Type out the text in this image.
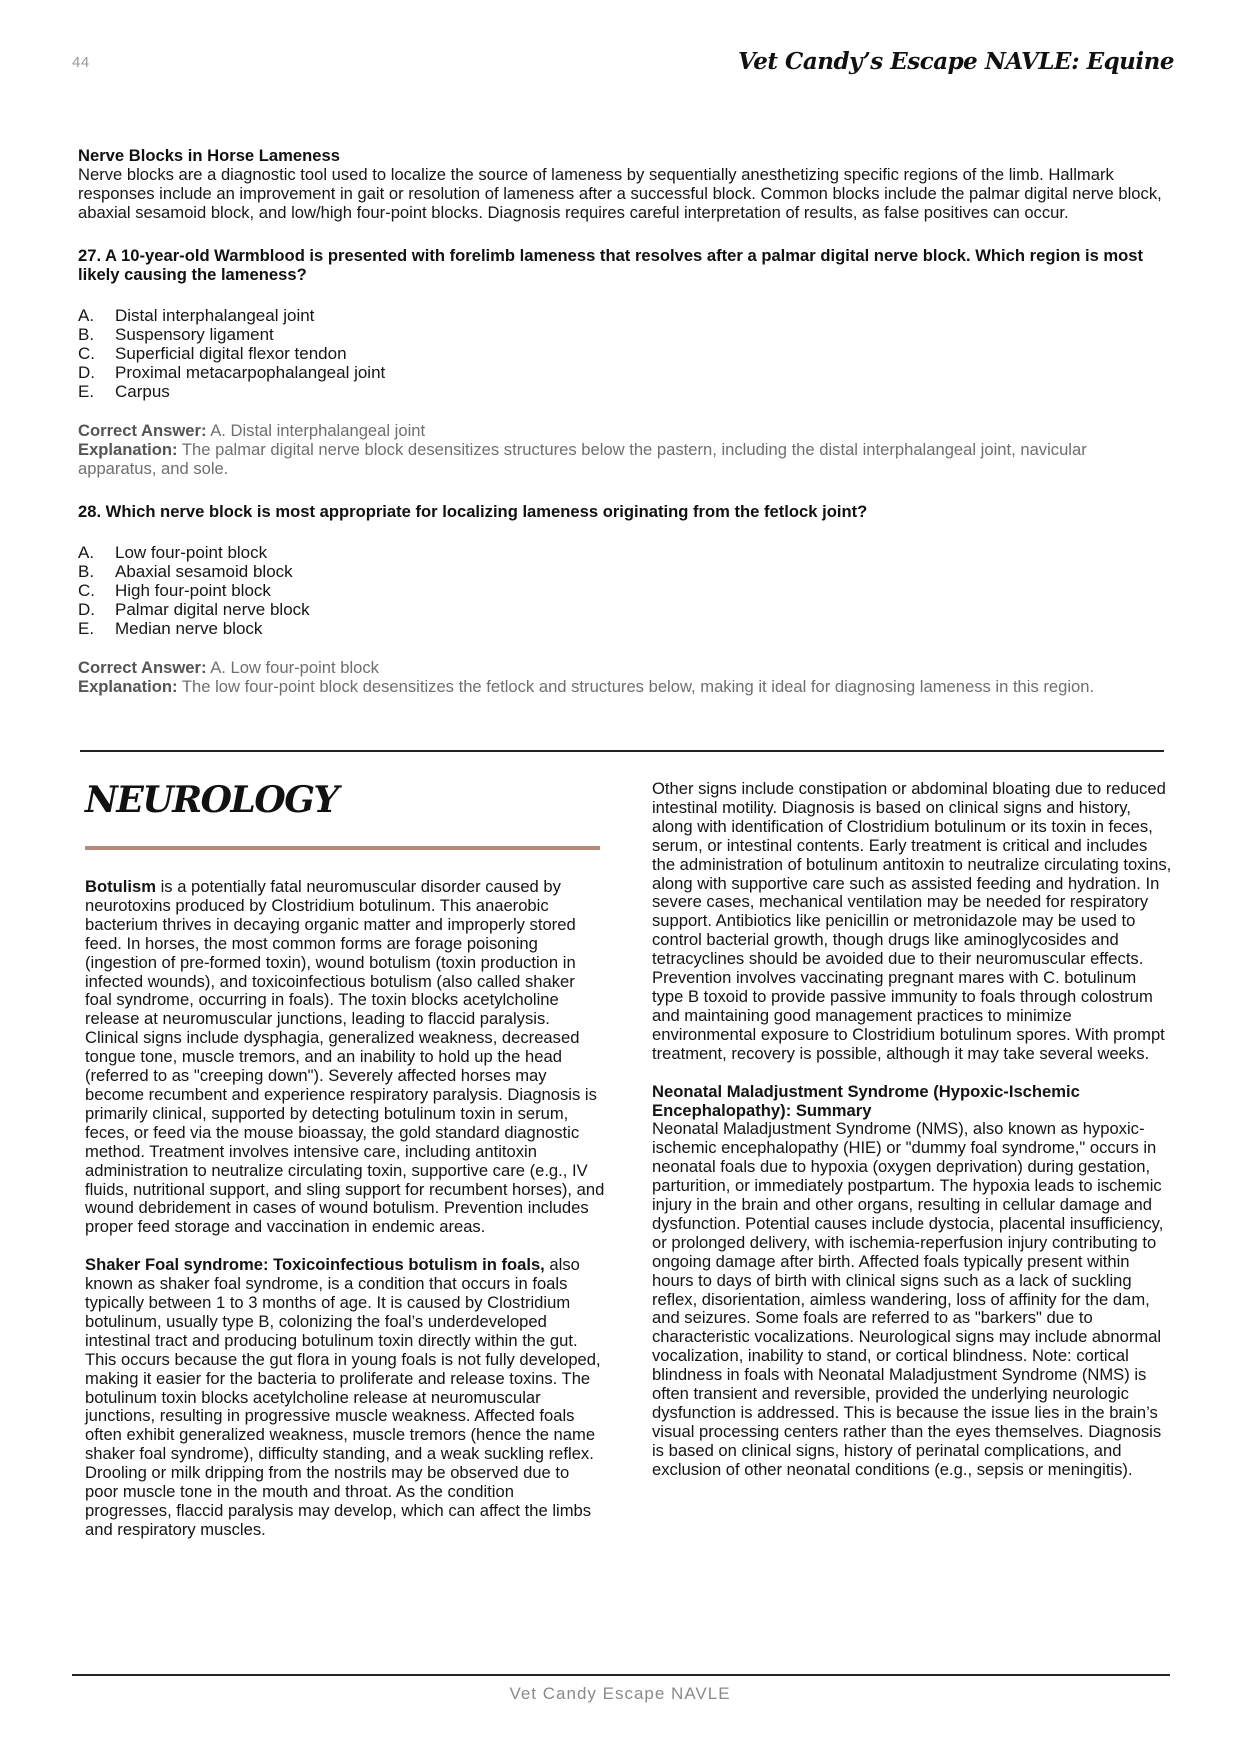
44	Vet Candy’s Escape NAVLE: Equine

Nerve Blocks in Horse Lameness

Nerve blocks are a diagnostic tool used to localize the source of lameness by sequentially anesthetizing specific regions of the limb. Hallmark responses include an improvement in gait or resolution of lameness after a successful block. Common blocks include the palmar digital nerve block, abaxial sesamoid block, and low/high four-point blocks. Diagnosis requires careful interpretation of results, as false positives can occur.

27. A 10-year-old Warmblood is presented with forelimb lameness that resolves after a palmar digital nerve block. Which region is most likely causing the lameness?

A.	Distal interphalangeal joint
B.	Suspensory ligament
C.	Superficial digital flexor tendon
D.	Proximal metacarpophalangeal joint
E.	Carpus
Correct Answer: A. Distal interphalangeal joint
Explanation: The palmar digital nerve block desensitizes structures below the pastern, including the distal interphalangeal joint, navicular apparatus, and sole.

28. Which nerve block is most appropriate for localizing lameness originating from the fetlock joint?

A.	Low four-point block
B.	Abaxial sesamoid block
C.	High four-point block
D.	Palmar digital nerve block
E.	Median nerve block
Correct Answer: A. Low four-point block
Explanation: The low four-point block desensitizes the fetlock and structures below, making it ideal for diagnosing lameness in this region.
NEUROLOGY

Botulism is a potentially fatal neuromuscular disorder caused by neurotoxins produced by Clostridium botulinum. This anaerobic bacterium thrives in decaying organic matter and improperly stored feed. In horses, the most common forms are forage poisoning (ingestion of pre-formed toxin), wound botulism (toxin production in infected wounds), and toxicoinfectious botulism (also called shaker foal syndrome, occurring in foals). The toxin blocks acetylcholine release at neuromuscular junctions, leading to flaccid paralysis. Clinical signs include dysphagia, generalized weakness, decreased tongue tone, muscle tremors, and an inability to hold up the head (referred to as "creeping down"). Severely affected horses may become recumbent and experience respiratory paralysis. Diagnosis is primarily clinical, supported by detecting botulinum toxin in serum, feces, or feed via the mouse bioassay, the gold standard diagnostic method. Treatment involves intensive care, including antitoxin administration to neutralize circulating toxin, supportive care (e.g., IV fluids, nutritional support, and sling support for recumbent horses), and wound debridement in cases of wound botulism. Prevention includes proper feed storage and vaccination in endemic areas.

Shaker Foal syndrome: Toxicoinfectious botulism in foals, also known as shaker foal syndrome, is a condition that occurs in foals typically between 1 to 3 months of age. It is caused by Clostridium botulinum, usually type B, colonizing the foal’s underdeveloped intestinal tract and producing botulinum toxin directly within the gut. This occurs because the gut flora in young foals is not fully developed, making it easier for the bacteria to proliferate and release toxins. The botulinum toxin blocks acetylcholine release at neuromuscular junctions, resulting in progressive muscle weakness. Affected foals often exhibit generalized weakness, muscle tremors (hence the name shaker foal syndrome), difficulty standing, and a weak suckling reflex. Drooling or milk dripping from the nostrils may be observed due to poor muscle tone in the mouth and throat. As the condition progresses, flaccid paralysis may develop, which can affect the limbs and respiratory muscles.

Other signs include constipation or abdominal bloating due to reduced intestinal motility. Diagnosis is based on clinical signs and history, along with identification of Clostridium botulinum or its toxin in feces, serum, or intestinal contents. Early treatment is critical and includes the administration of botulinum antitoxin to neutralize circulating toxins, along with supportive care such as assisted feeding and hydration. In severe cases, mechanical ventilation may be needed for respiratory support. Antibiotics like penicillin or metronidazole may be used to control bacterial growth, though drugs like aminoglycosides and tetracyclines should be avoided due to their neuromuscular effects. Prevention involves vaccinating pregnant mares with C. botulinum type B toxoid to provide passive immunity to foals through colostrum and maintaining good management practices to minimize environmental exposure to Clostridium botulinum spores. With prompt treatment, recovery is possible, although it may take several weeks.

Neonatal Maladjustment Syndrome (Hypoxic-Ischemic Encephalopathy): Summary

Neonatal Maladjustment Syndrome (NMS), also known as hypoxic-ischemic encephalopathy (HIE) or "dummy foal syndrome," occurs in neonatal foals due to hypoxia (oxygen deprivation) during gestation, parturition, or immediately postpartum. The hypoxia leads to ischemic injury in the brain and other organs, resulting in cellular damage and dysfunction. Potential causes include dystocia, placental insufficiency, or prolonged delivery, with ischemia-reperfusion injury contributing to ongoing damage after birth. Affected foals typically present within hours to days of birth with clinical signs such as a lack of suckling reflex, disorientation, aimless wandering, loss of affinity for the dam, and seizures. Some foals are referred to as "barkers" due to characteristic vocalizations. Neurological signs may include abnormal vocalization, inability to stand, or cortical blindness. Note: cortical blindness in foals with Neonatal Maladjustment Syndrome (NMS) is often transient and reversible, provided the underlying neurologic dysfunction is addressed. This is because the issue lies in the brain’s visual processing centers rather than the eyes themselves. Diagnosis is based on clinical signs, history of perinatal complications, and exclusion of other neonatal conditions (e.g., sepsis or meningitis).

Vet Candy Escape NAVLE
